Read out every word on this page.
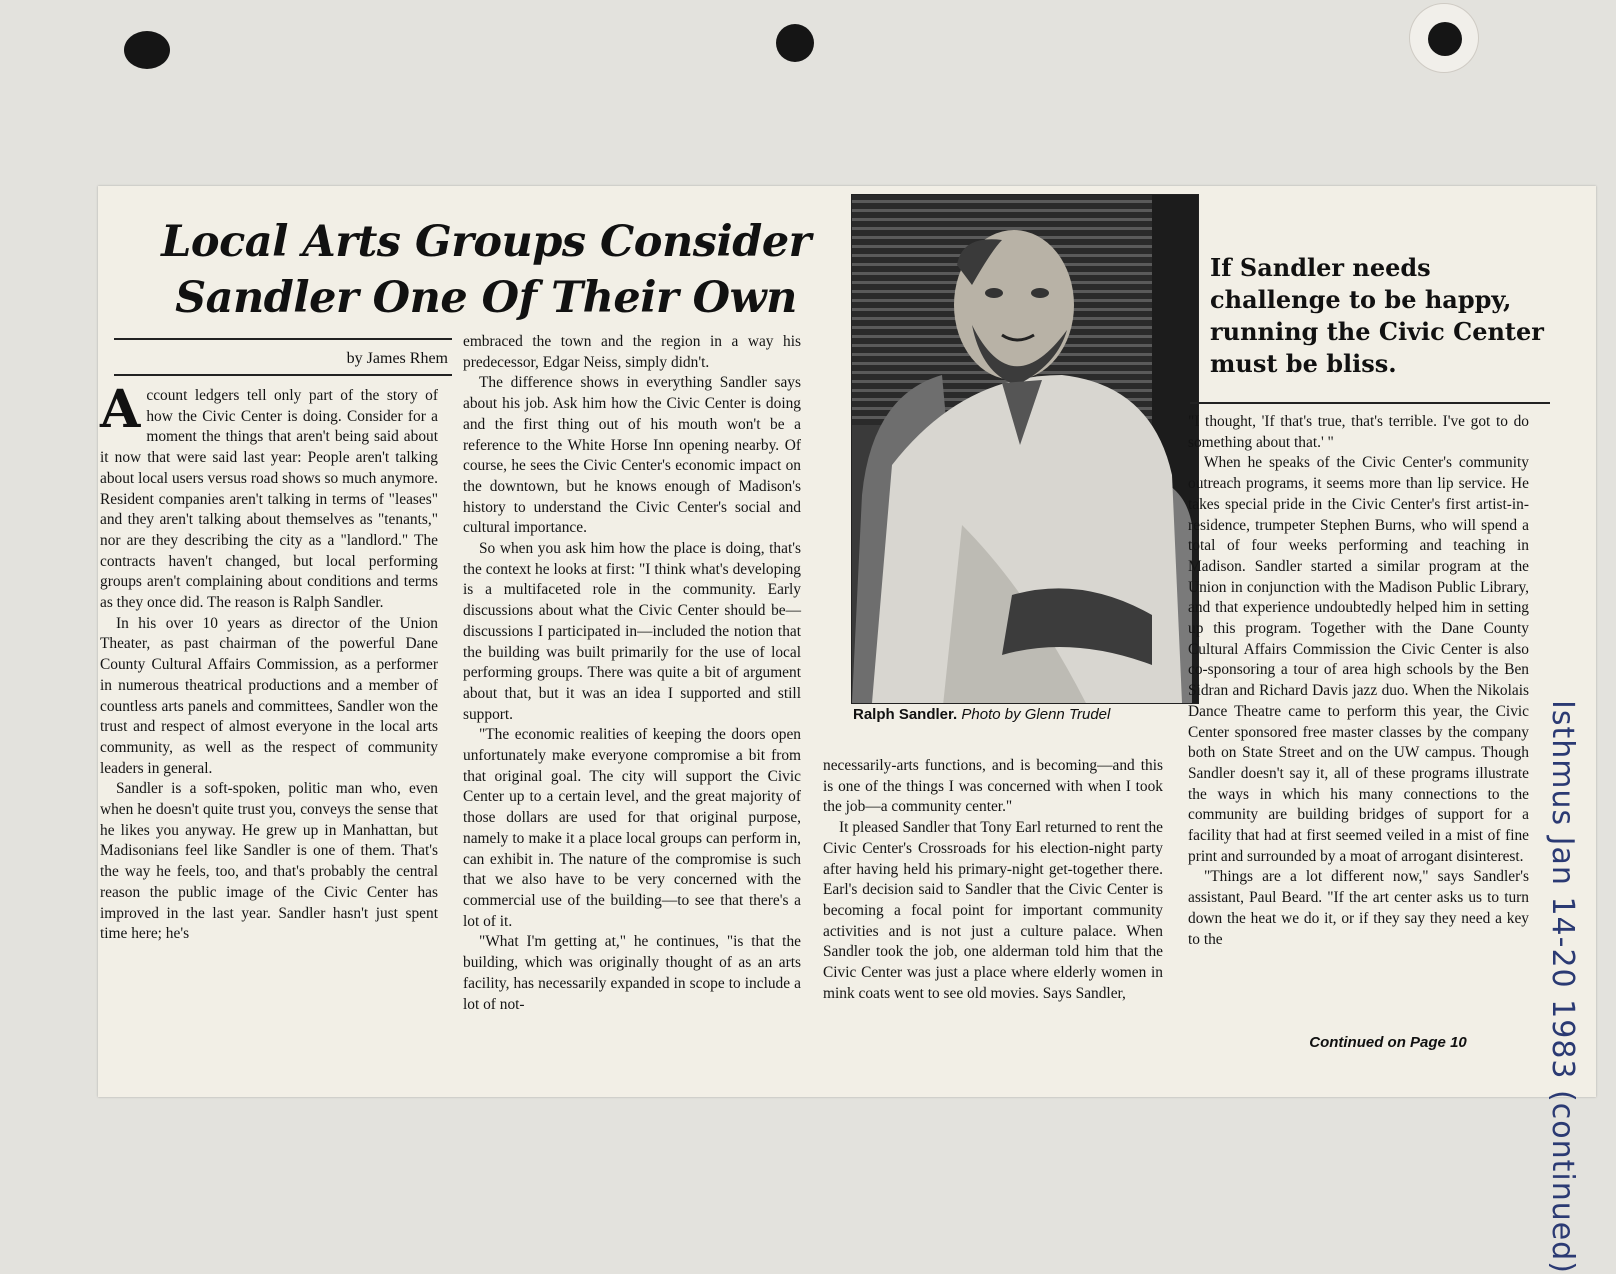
Local Arts Groups Consider
Sandler One Of Their Own
by James Rhem

Account ledgers tell only part of the story of how the Civic Center is doing. Consider for a moment the things that aren't being said about it now that were said last year: People aren't talking about local users versus road shows so much anymore. Resident companies aren't talking in terms of "leases" and they aren't talking about themselves as "tenants," nor are they describing the city as a "landlord." The contracts haven't changed, but local performing groups aren't complaining about conditions and terms as they once did. The reason is Ralph Sandler.

In his over 10 years as director of the Union Theater, as past chairman of the powerful Dane County Cultural Affairs Commission, as a performer in numerous theatrical productions and a member of countless arts panels and committees, Sandler won the trust and respect of almost everyone in the local arts community, as well as the respect of community leaders in general.

Sandler is a soft-spoken, politic man who, even when he doesn't quite trust you, conveys the sense that he likes you anyway. He grew up in Manhattan, but Madisonians feel like Sandler is one of them. That's the way he feels, too, and that's probably the central reason the public image of the Civic Center has improved in the last year. Sandler hasn't just spent time here; he's

embraced the town and the region in a way his predecessor, Edgar Neiss, simply didn't.

The difference shows in everything Sandler says about his job. Ask him how the Civic Center is doing and the first thing out of his mouth won't be a reference to the White Horse Inn opening nearby. Of course, he sees the Civic Center's economic impact on the downtown, but he knows enough of Madison's history to understand the Civic Center's social and cultural importance.

So when you ask him how the place is doing, that's the context he looks at first: "I think what's developing is a multifaceted role in the community. Early discussions about what the Civic Center should be—discussions I participated in—included the notion that the building was built primarily for the use of local performing groups. There was quite a bit of argument about that, but it was an idea I supported and still support.

"The economic realities of keeping the doors open unfortunately make everyone compromise a bit from that original goal. The city will support the Civic Center up to a certain level, and the great majority of those dollars are used for that original purpose, namely to make it a place local groups can perform in, can exhibit in. The nature of the compromise is such that we also have to be very concerned with the commercial use of the building—to see that there's a lot of it.

"What I'm getting at," he continues, "is that the building, which was originally thought of as an arts facility, has necessarily expanded in scope to include a lot of not-

Ralph Sandler. Photo by Glenn Trudel

necessarily-arts functions, and is becoming—and this is one of the things I was concerned with when I took the job—a community center."

It pleased Sandler that Tony Earl returned to rent the Civic Center's Crossroads for his election-night party after having held his primary-night get-together there. Earl's decision said to Sandler that the Civic Center is becoming a focal point for important community activities and is not just a culture palace. When Sandler took the job, one alderman told him that the Civic Center was just a place where elderly women in mink coats went to see old movies. Says Sandler,

If Sandler needs challenge to be happy, running the Civic Center must be bliss.

"I thought, 'If that's true, that's terrible. I've got to do something about that.' "

When he speaks of the Civic Center's community outreach programs, it seems more than lip service. He takes special pride in the Civic Center's first artist-in-residence, trumpeter Stephen Burns, who will spend a total of four weeks performing and teaching in Madison. Sandler started a similar program at the Union in conjunction with the Madison Public Library, and that experience undoubtedly helped him in setting up this program. Together with the Dane County Cultural Affairs Commission the Civic Center is also co-sponsoring a tour of area high schools by the Ben Sidran and Richard Davis jazz duo. When the Nikolais Dance Theatre came to perform this year, the Civic Center sponsored free master classes by the company both on State Street and on the UW campus. Though Sandler doesn't say it, all of these programs illustrate the ways in which his many connections to the community are building bridges of support for a facility that had at first seemed veiled in a mist of fine print and surrounded by a moat of arrogant disinterest.

"Things are a lot different now," says Sandler's assistant, Paul Beard. "If the art center asks us to turn down the heat we do it, or if they say they need a key to the

Continued on Page 10	Isthmus Jan 14-20 1983 (continued)
